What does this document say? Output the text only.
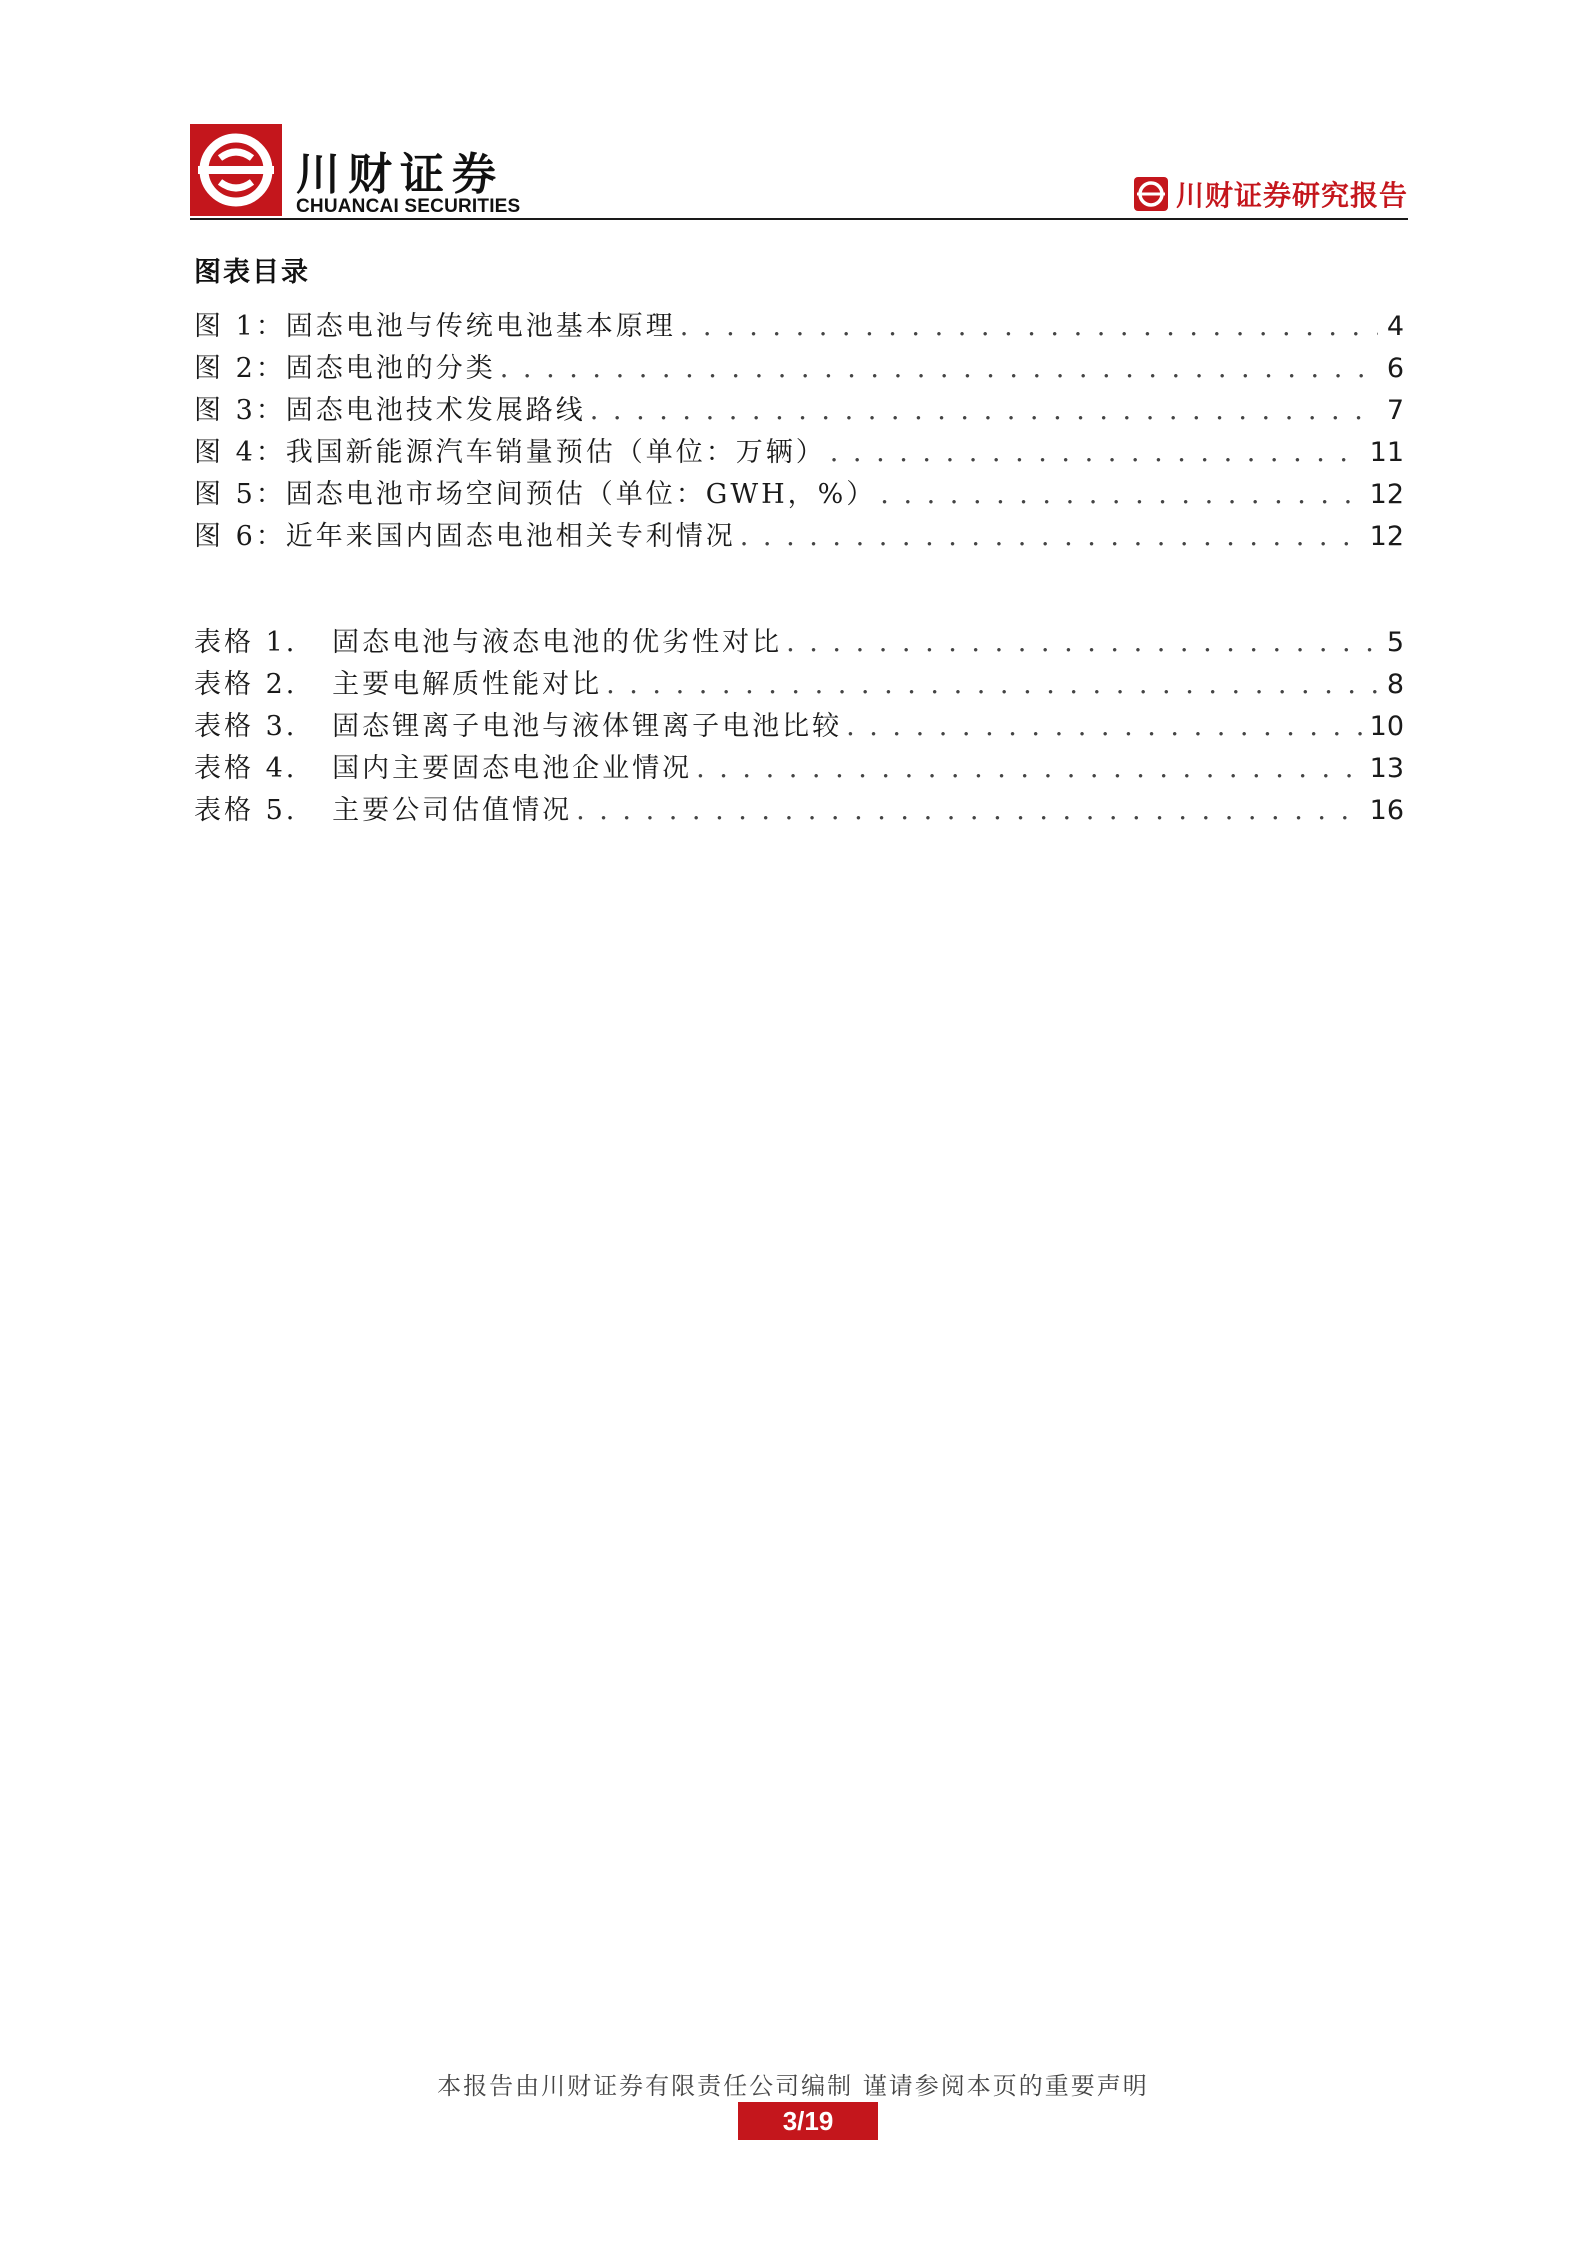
川财证券
CHUANCAI SECURITIES	川财证券研究报告
图表目录
图 1：固态电池与传统电池基本原理 . . .	4
图 2：固态电池的分类 . . .	6
图 3：固态电池技术发展路线 . . .	7
图 4：我国新能源汽车销量预估（单位：万辆） . . .	11
图 5：固态电池市场空间预估（单位：GWH，%） . . .	12
图 6：近年来国内固态电池相关专利情况 . . .	12
表格 1.   固态电池与液态电池的优劣性对比 . . .	5
表格 2.   主要电解质性能对比 . . .	8
表格 3.   固态锂离子电池与液体锂离子电池比较 . . .	10
表格 4.   国内主要固态电池企业情况 . . .	13
表格 5.   主要公司估值情况 . . .	16
本报告由川财证券有限责任公司编制 谨请参阅本页的重要声明
3/19
